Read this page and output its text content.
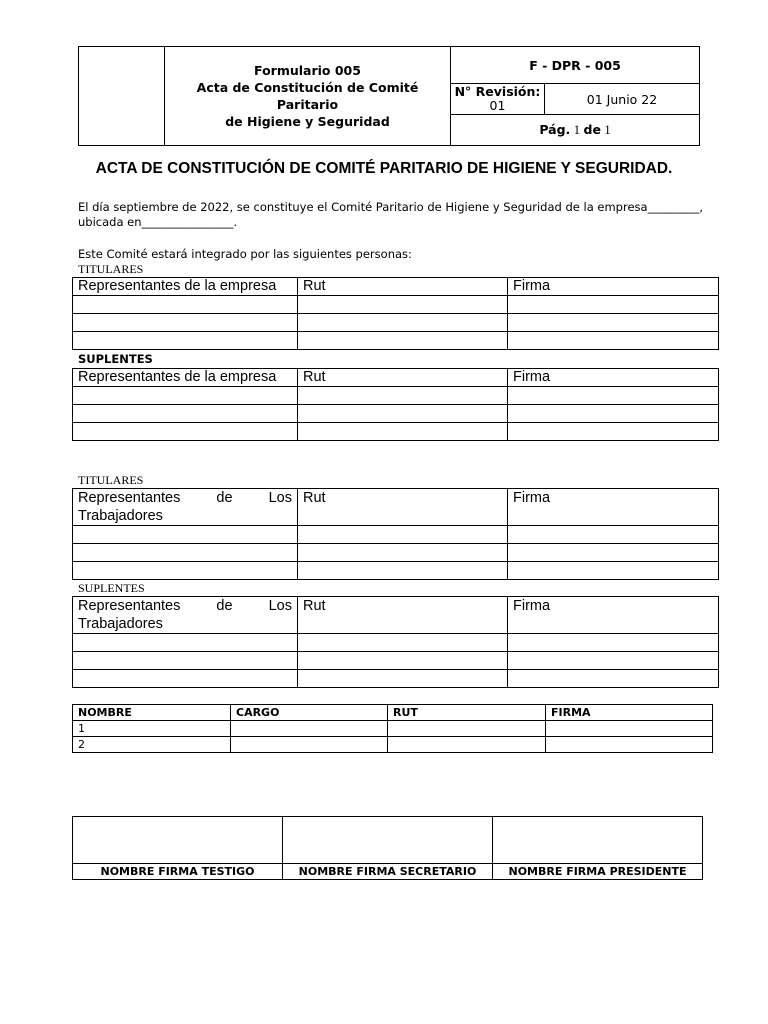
	Formulario 005
Acta de Constitución de Comité Paritario
de Higiene y Seguridad	F - DPR - 005	

		N° Revisión:
01	01 Junio 22
		Pág. 1 de 1	
ACTA DE CONSTITUCIÓN DE COMITÉ PARITARIO DE HIGIENE Y SEGURIDAD.
El día septiembre de 2022, se constituye el Comité Paritario de Higiene y Seguridad de la empresa_________,
ubicada en________________.
Este Comité estará integrado por las siguientes personas:
TITULARES
Representantes de la empresa	Rut	Firma

SUPLENTES
Representantes de la empresa	Rut	Firma

TITULARES
Representantes de Los
Trabajadores	Rut	Firma

SUPLENTES
Representantes de Los
Trabajadores	Rut	Firma

NOMBRE	CARGO	RUT	FIRMA
1			
2			

NOMBRE FIRMA TESTIGO	NOMBRE FIRMA SECRETARIO	NOMBRE FIRMA PRESIDENTE
